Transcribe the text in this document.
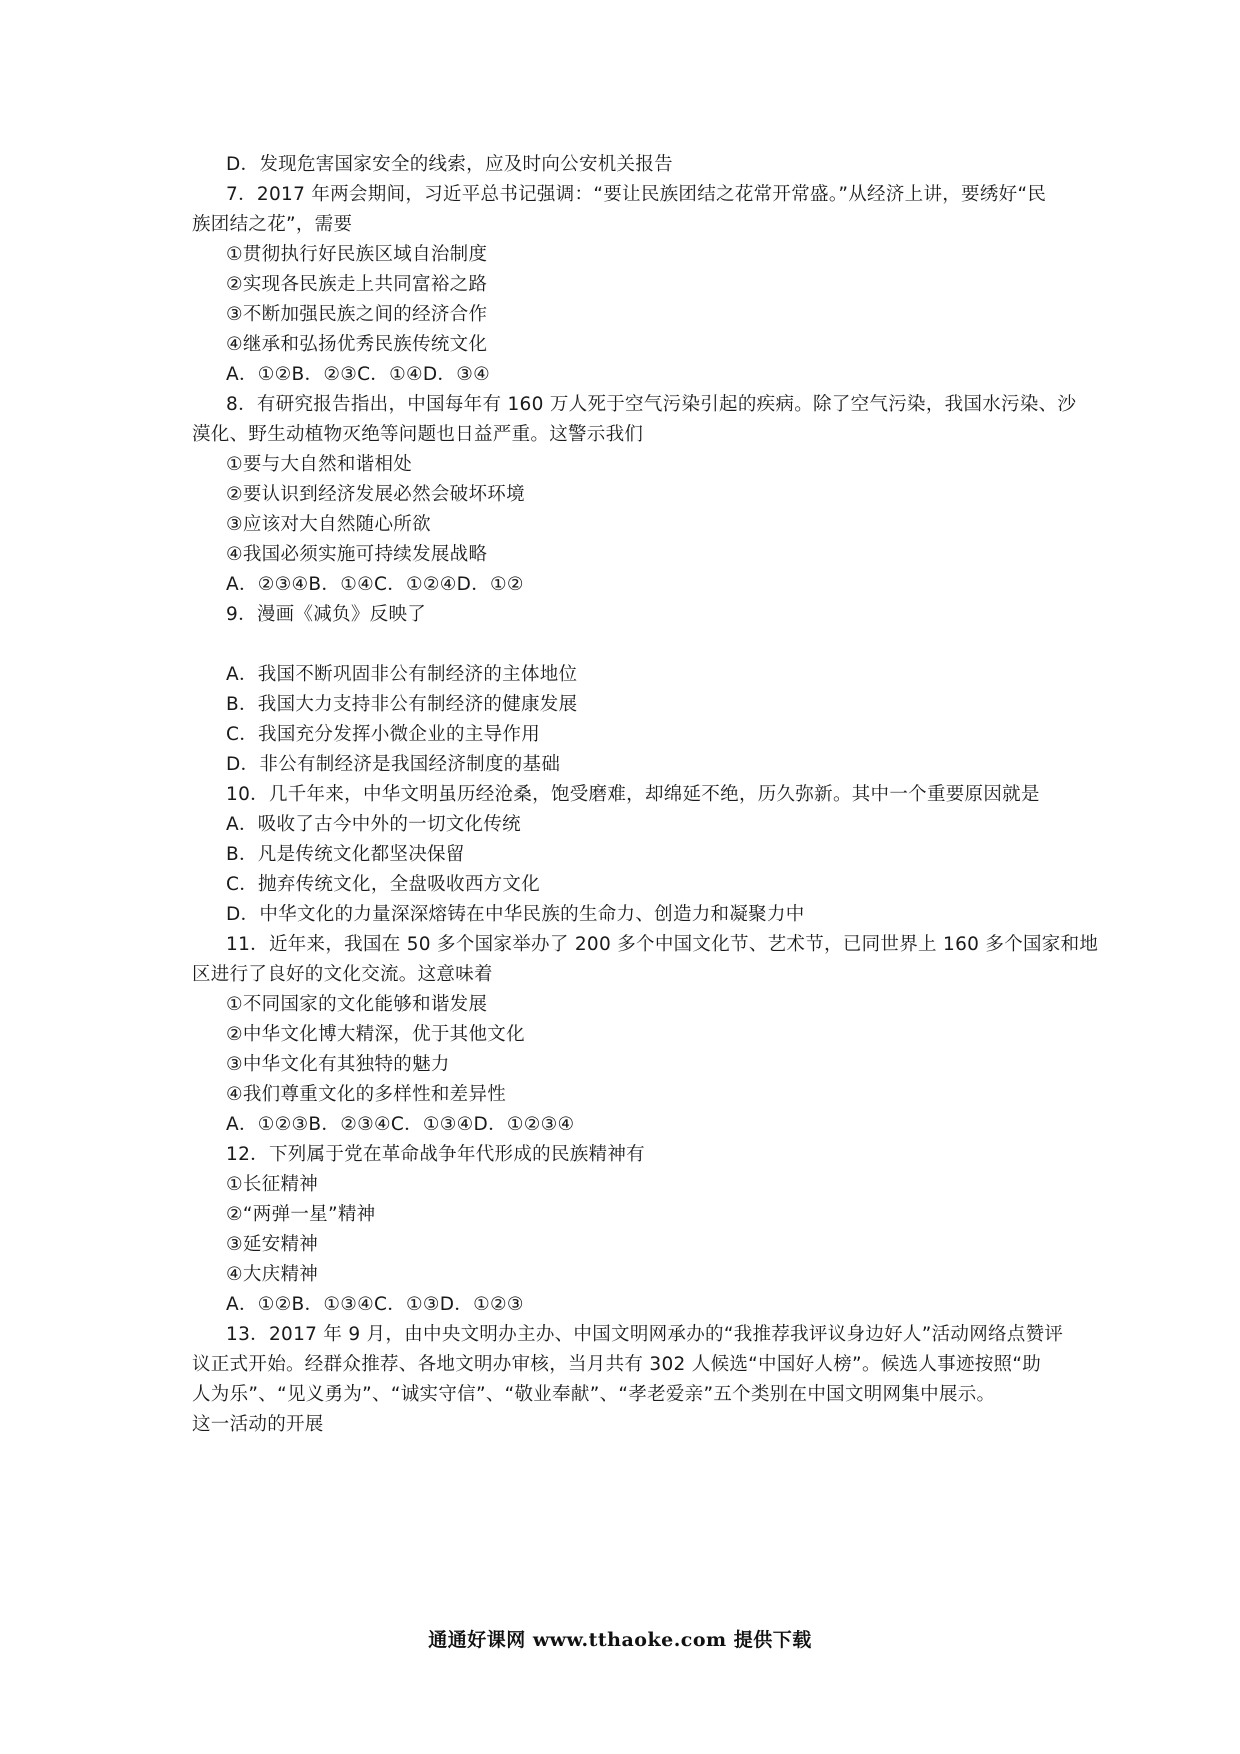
D．发现危害国家安全的线索，应及时向公安机关报告
7．2017 年两会期间，习近平总书记强调：“要让民族团结之花常开常盛。”从经济上讲，要绣好“民
族团结之花”，需要
①贯彻执行好民族区域自治制度
②实现各民族走上共同富裕之路
③不断加强民族之间的经济合作
④继承和弘扬优秀民族传统文化
A．①②B．②③C．①④D．③④
8．有研究报告指出，中国每年有 160 万人死于空气污染引起的疾病。除了空气污染，我国水污染、沙
漠化、野生动植物灭绝等问题也日益严重。这警示我们
①要与大自然和谐相处
②要认识到经济发展必然会破坏环境
③应该对大自然随心所欲
④我国必须实施可持续发展战略
A．②③④B．①④C．①②④D．①②
9．漫画《减负》反映了
A．我国不断巩固非公有制经济的主体地位
B．我国大力支持非公有制经济的健康发展
C．我国充分发挥小微企业的主导作用
D．非公有制经济是我国经济制度的基础
10．几千年来，中华文明虽历经沧桑，饱受磨难，却绵延不绝，历久弥新。其中一个重要原因就是
A．吸收了古今中外的一切文化传统
B．凡是传统文化都坚决保留
C．抛弃传统文化，全盘吸收西方文化
D．中华文化的力量深深熔铸在中华民族的生命力、创造力和凝聚力中
11．近年来，我国在 50 多个国家举办了 200 多个中国文化节、艺术节，已同世界上 160 多个国家和地
区进行了良好的文化交流。这意味着
①不同国家的文化能够和谐发展
②中华文化博大精深，优于其他文化
③中华文化有其独特的魅力
④我们尊重文化的多样性和差异性
A．①②③B．②③④C．①③④D．①②③④
12．下列属于党在革命战争年代形成的民族精神有
①长征精神
②“两弹一星”精神
③延安精神
④大庆精神
A．①②B．①③④C．①③D．①②③
13．2017 年 9 月，由中央文明办主办、中国文明网承办的“我推荐我评议身边好人”活动网络点赞评
议正式开始。经群众推荐、各地文明办审核，当月共有 302 人候选“中国好人榜”。候选人事迹按照“助
人为乐”、“见义勇为”、“诚实守信”、“敬业奉献”、“孝老爱亲”五个类别在中国文明网集中展示。
这一活动的开展
通通好课网 www.tthaoke.com 提供下载
